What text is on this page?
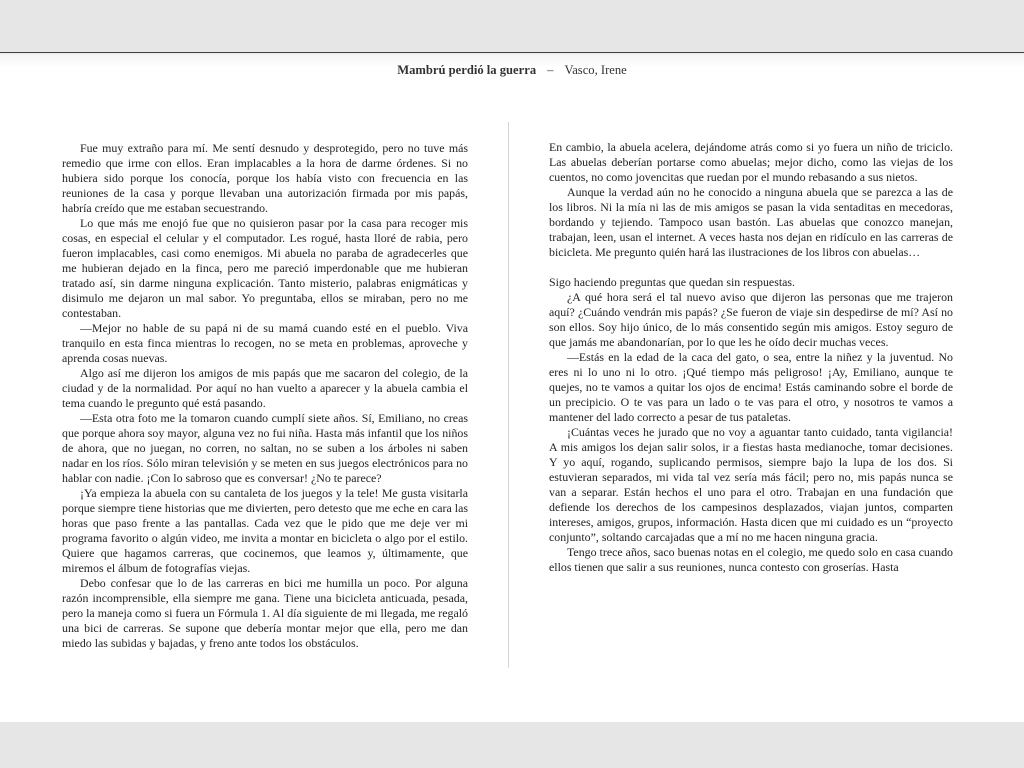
Mambrú perdió la guerra – Vasco, Irene

Fue muy extraño para mí. Me sentí desnudo y desprotegido, pero no tuve más remedio que irme con ellos. Eran implacables a la hora de darme órdenes. Si no hubiera sido porque los conocía, porque los había visto con frecuencia en las reuniones de la casa y porque llevaban una autorización firmada por mis papás, habría creído que me estaban secuestrando.

Lo que más me enojó fue que no quisieron pasar por la casa para recoger mis cosas, en especial el celular y el computador. Les rogué, hasta lloré de rabia, pero fueron implacables, casi como enemigos. Mi abuela no paraba de agradecerles que me hubieran dejado en la finca, pero me pareció imperdonable que me hubieran tratado así, sin darme ninguna explicación. Tanto misterio, palabras enigmáticas y disimulo me dejaron un mal sabor. Yo preguntaba, ellos se miraban, pero no me contestaban.

—Mejor no hable de su papá ni de su mamá cuando esté en el pueblo. Viva tranquilo en esta finca mientras lo recogen, no se meta en problemas, aproveche y aprenda cosas nuevas.

Algo así me dijeron los amigos de mis papás que me sacaron del colegio, de la ciudad y de la normalidad. Por aquí no han vuelto a aparecer y la abuela cambia el tema cuando le pregunto qué está pasando.

—Esta otra foto me la tomaron cuando cumplí siete años. Sí, Emiliano, no creas que porque ahora soy mayor, alguna vez no fui niña. Hasta más infantil que los niños de ahora, que no juegan, no corren, no saltan, no se suben a los árboles ni saben nadar en los ríos. Sólo miran televisión y se meten en sus juegos electrónicos para no hablar con nadie. ¡Con lo sabroso que es conversar! ¿No te parece?

¡Ya empieza la abuela con su cantaleta de los juegos y la tele! Me gusta visitarla porque siempre tiene historias que me divierten, pero detesto que me eche en cara las horas que paso frente a las pantallas. Cada vez que le pido que me deje ver mi programa favorito o algún video, me invita a montar en bicicleta o algo por el estilo. Quiere que hagamos carreras, que cocinemos, que leamos y, últimamente, que miremos el álbum de fotografías viejas.

Debo confesar que lo de las carreras en bici me humilla un poco. Por alguna razón incomprensible, ella siempre me gana. Tiene una bicicleta anticuada, pesada, pero la maneja como si fuera un Fórmula 1. Al día siguiente de mi llegada, me regaló una bici de carreras. Se supone que debería montar mejor que ella, pero me dan miedo las subidas y bajadas, y freno ante todos los obstáculos.

En cambio, la abuela acelera, dejándome atrás como si yo fuera un niño de triciclo. Las abuelas deberían portarse como abuelas; mejor dicho, como las viejas de los cuentos, no como jovencitas que ruedan por el mundo rebasando a sus nietos.

Aunque la verdad aún no he conocido a ninguna abuela que se parezca a las de los libros. Ni la mía ni las de mis amigos se pasan la vida sentaditas en mecedoras, bordando y tejiendo. Tampoco usan bastón. Las abuelas que conozco manejan, trabajan, leen, usan el internet. A veces hasta nos dejan en ridículo en las carreras de bicicleta. Me pregunto quién hará las ilustraciones de los libros con abuelas…

Sigo haciendo preguntas que quedan sin respuestas.

¿A qué hora será el tal nuevo aviso que dijeron las personas que me trajeron aquí? ¿Cuándo vendrán mis papás? ¿Se fueron de viaje sin despedirse de mí? Así no son ellos. Soy hijo único, de lo más consentido según mis amigos. Estoy seguro de que jamás me abandonarían, por lo que les he oído decir muchas veces.

—Estás en la edad de la caca del gato, o sea, entre la niñez y la juventud. No eres ni lo uno ni lo otro. ¡Qué tiempo más peligroso! ¡Ay, Emiliano, aunque te quejes, no te vamos a quitar los ojos de encima! Estás caminando sobre el borde de un precipicio. O te vas para un lado o te vas para el otro, y nosotros te vamos a mantener del lado correcto a pesar de tus pataletas.

¡Cuántas veces he jurado que no voy a aguantar tanto cuidado, tanta vigilancia! A mis amigos los dejan salir solos, ir a fiestas hasta medianoche, tomar decisiones. Y yo aquí, rogando, suplicando permisos, siempre bajo la lupa de los dos. Si estuvieran separados, mi vida tal vez sería más fácil; pero no, mis papás nunca se van a separar. Están hechos el uno para el otro. Trabajan en una fundación que defiende los derechos de los campesinos desplazados, viajan juntos, comparten intereses, amigos, grupos, información. Hasta dicen que mi cuidado es un “proyecto conjunto”, soltando carcajadas que a mí no me hacen ninguna gracia.

Tengo trece años, saco buenas notas en el colegio, me quedo solo en casa cuando ellos tienen que salir a sus reuniones, nunca contesto con groserías. Hasta
